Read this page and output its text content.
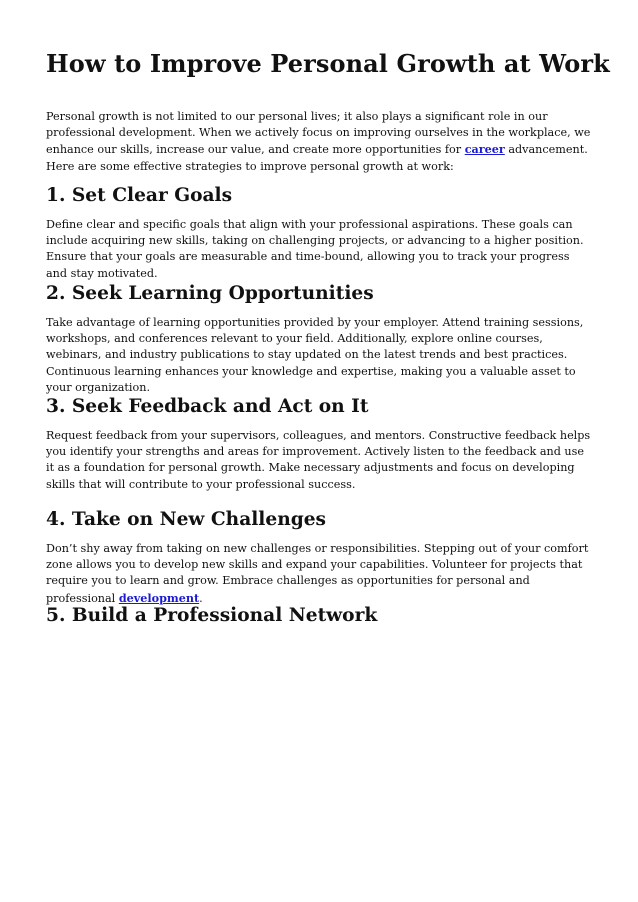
How to Improve Personal Growth at Work

Personal growth is not limited to our personal lives; it also plays a significant role in our professional development. When we actively focus on improving ourselves in the workplace, we enhance our skills, increase our value, and create more opportunities for career advancement. Here are some effective strategies to improve personal growth at work:

1. Set Clear Goals

Define clear and specific goals that align with your professional aspirations. These goals can include acquiring new skills, taking on challenging projects, or advancing to a higher position. Ensure that your goals are measurable and time-bound, allowing you to track your progress and stay motivated.

2. Seek Learning Opportunities

Take advantage of learning opportunities provided by your employer. Attend training sessions, workshops, and conferences relevant to your field. Additionally, explore online courses, webinars, and industry publications to stay updated on the latest trends and best practices. Continuous learning enhances your knowledge and expertise, making you a valuable asset to your organization.

3. Seek Feedback and Act on It

Request feedback from your supervisors, colleagues, and mentors. Constructive feedback helps you identify your strengths and areas for improvement. Actively listen to the feedback and use it as a foundation for personal growth. Make necessary adjustments and focus on developing skills that will contribute to your professional success.

4. Take on New Challenges

Don’t shy away from taking on new challenges or responsibilities. Stepping out of your comfort zone allows you to develop new skills and expand your capabilities. Volunteer for projects that require you to learn and grow. Embrace challenges as opportunities for personal and professional development.

5. Build a Professional Network
